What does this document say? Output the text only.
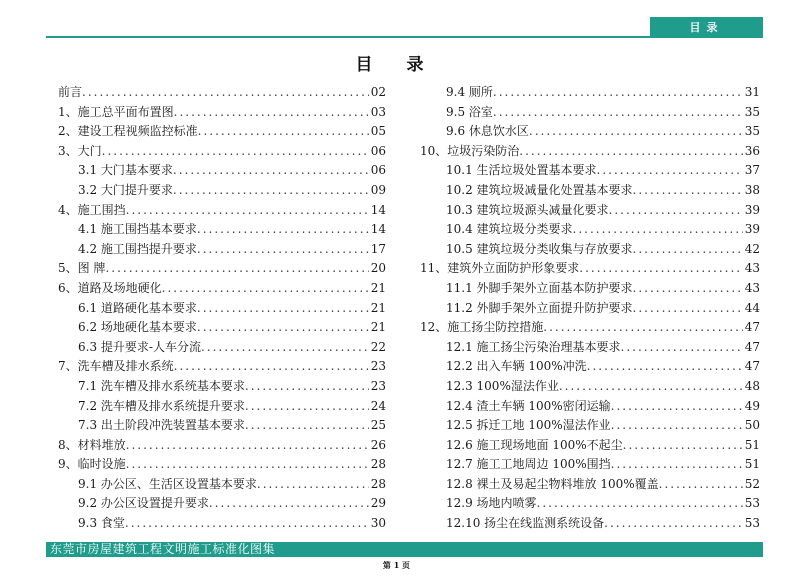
目录
目 录
前言 .....	02
1、施工总平面布置图 .....	03
2、建设工程视频监控标准 .....	05
3、大门 .....	06
3.1 大门基本要求 .....	06
3.2 大门提升要求 .....	09
4、施工围挡 .....	14
4.1 施工围挡基本要求 .....	14
4.2 施工围挡提升要求 .....	17
5、图 牌 .....	20
6、道路及场地硬化 .....	21
6.1 道路硬化基本要求 .....	21
6.2 场地硬化基本要求 .....	21
6.3 提升要求-人车分流 .....	22
7、洗车槽及排水系统 .....	23
7.1 洗车槽及排水系统基本要求 .....	23
7.2 洗车槽及排水系统提升要求 .....	24
7.3 出土阶段冲洗装置基本要求 .....	25
8、材料堆放 .....	26
9、临时设施 .....	28
9.1 办公区、生活区设置基本要求 .....	28
9.2 办公区设置提升要求 .....	29
9.3 食堂 .....	30
9.4 厕所 .....	31
9.5 浴室 .....	35
9.6 休息饮水区 .....	35
10、垃圾污染防治 .....	36
10.1 生活垃圾处置基本要求 .....	37
10.2 建筑垃圾减量化处置基本要求 .....	38
10.3 建筑垃圾源头减量化要求 .....	39
10.4 建筑垃圾分类要求 .....	39
10.5 建筑垃圾分类收集与存放要求 .....	42
11、建筑外立面防护形象要求 .....	43
11.1 外脚手架外立面基本防护要求 .....	43
11.2 外脚手架外立面提升防护要求 .....	44
12、施工扬尘防控措施 .....	47
12.1 施工扬尘污染治理基本要求 .....	47
12.2 出入车辆 100%冲洗 .....	47
12.3 100%湿法作业 .....	48
12.4 渣土车辆 100%密闭运输 .....	49
12.5 拆迁工地 100%湿法作业 .....	50
12.6 施工现场地面 100%不起尘 .....	51
12.7 施工工地周边 100%围挡 .....	51
12.8 裸土及易起尘物料堆放 100%覆盖 .....	52
12.9 场地内喷雾 .....	53
12.10 扬尘在线监测系统设备 .....	53
东莞市房屋建筑工程文明施工标准化图集
第 1 页
